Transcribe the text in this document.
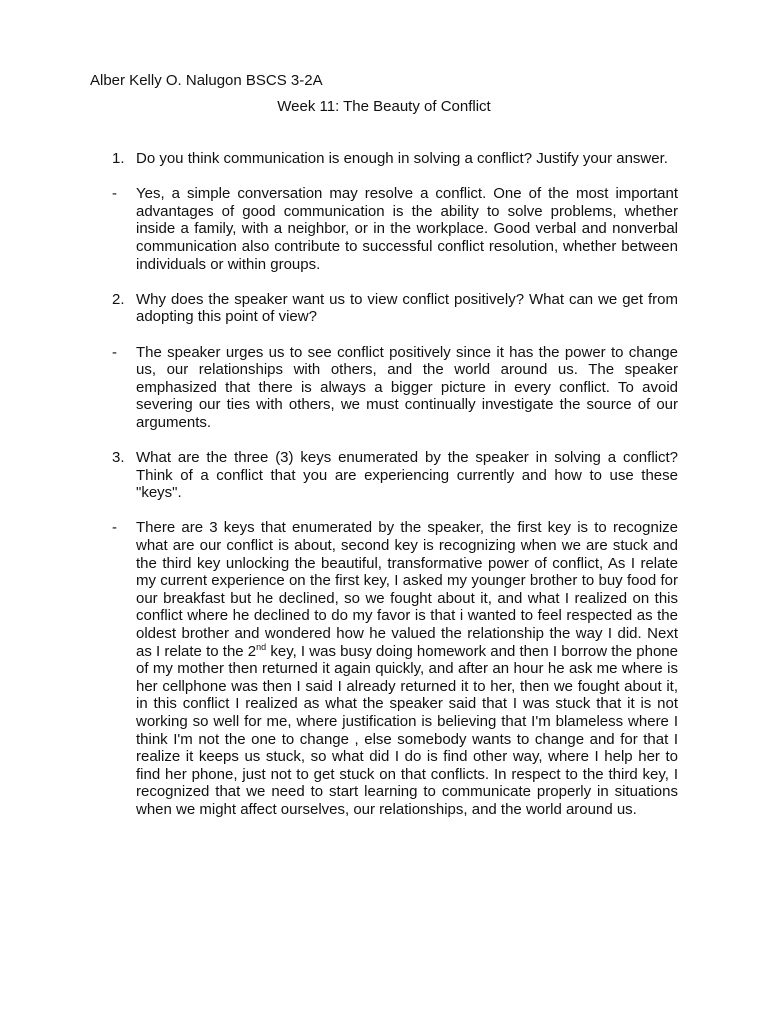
Alber Kelly O. Nalugon BSCS 3-2A
Week 11: The Beauty of Conflict
1. Do you think communication is enough in solving a conflict? Justify your answer.
-	Yes, a simple conversation may resolve a conflict. One of the most important advantages of good communication is the ability to solve problems, whether inside a family, with a neighbor, or in the workplace. Good verbal and nonverbal communication also contribute to successful conflict resolution, whether between individuals or within groups.
2. Why does the speaker want us to view conflict positively? What can we get from adopting this point of view?
-	The speaker urges us to see conflict positively since it has the power to change us, our relationships with others, and the world around us. The speaker emphasized that there is always a bigger picture in every conflict. To avoid severing our ties with others, we must continually investigate the source of our arguments.
3. What are the three (3) keys enumerated by the speaker in solving a conflict? Think of a conflict that you are experiencing currently and how to use these "keys".
-	There are 3 keys that enumerated by the speaker, the first key is to recognize what are our conflict is about, second key is recognizing when we are stuck and the third key unlocking the beautiful, transformative power of conflict, As I relate my current experience on the first key, I asked my younger brother to buy food for our breakfast but he declined, so we fought about it, and what I realized on this conflict where he declined to do my favor is that i wanted to feel respected as the oldest brother and wondered how he valued the relationship the way I did. Next as I relate to the 2nd key, I was busy doing homework and then I borrow the phone of my mother then returned it again quickly, and after an hour he ask me where is her cellphone was then I said I already returned it to her, then we fought about it, in this conflict I realized as what the speaker said that I was stuck that it is not working so well for me, where justification is believing that I'm blameless where I think I'm not the one to change , else somebody wants to change and for that I realize it keeps us stuck, so what did I do is find other way, where I help her to find her phone, just not to get stuck on that conflicts. In respect to the third key, I recognized that we need to start learning to communicate properly in situations when we might affect ourselves, our relationships, and the world around us.
